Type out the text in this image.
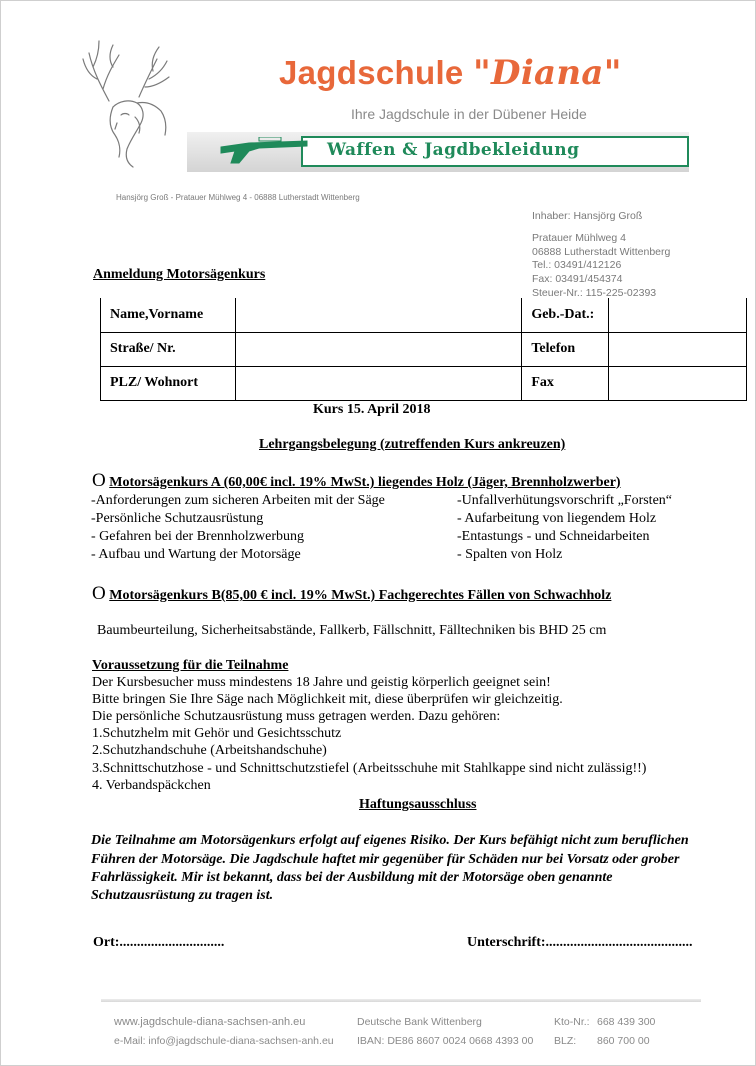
Jagdschule "Diana"
Ihre Jagdschule in der Dübener Heide
Waffen & Jagdbekleidung
Hansjörg Groß - Pratauer Mühlweg 4 - 06888 Lutherstadt Wittenberg
Inhaber: Hansjörg Groß
Pratauer Mühlweg 4
06888 Lutherstadt Wittenberg
Tel.: 03491/412126
Fax: 03491/454374
Steuer-Nr.: 115-225-02393
Anmeldung Motorsägenkurs
Name,Vorname		Geb.-Dat.:	
Straße/ Nr.		Telefon	
PLZ/ Wohnort		Fax	
Kurs 15. April 2018
Lehrgangsbelegung (zutreffenden Kurs ankreuzen)
O Motorsägenkurs A (60,00€ incl. 19% MwSt.) liegendes Holz (Jäger, Brennholzwerber)
-Anforderungen zum sicheren Arbeiten mit der Säge
-Persönliche Schutzausrüstung
- Gefahren bei der Brennholzwerbung
- Aufbau und Wartung der Motorsäge
-Unfallverhütungsvorschrift „Forsten“
- Aufarbeitung von liegendem Holz
-Entastungs - und Schneidarbeiten
- Spalten von Holz
O Motorsägenkurs B(85,00 € incl. 19% MwSt.) Fachgerechtes Fällen von Schwachholz
Baumbeurteilung, Sicherheitsabstände, Fallkerb, Fällschnitt, Fälltechniken bis BHD 25 cm
Voraussetzung für die Teilnahme
Der Kursbesucher muss mindestens 18 Jahre und geistig körperlich geeignet sein!
Bitte bringen Sie Ihre Säge nach Möglichkeit mit, diese überprüfen wir gleichzeitig.
Die persönliche Schutzausrüstung muss getragen werden. Dazu gehören:
1.Schutzhelm mit Gehör und Gesichtsschutz
2.Schutzhandschuhe (Arbeitshandschuhe)
3.Schnittschutzhose - und Schnittschutzstiefel (Arbeitsschuhe mit Stahlkappe sind nicht zulässig!!)
4. Verbandspäckchen
Haftungsausschluss
Die Teilnahme am Motorsägenkurs erfolgt auf eigenes Risiko. Der Kurs befähigt nicht zum beruflichen
Führen der Motorsäge. Die Jagdschule haftet mir gegenüber für Schäden nur bei Vorsatz oder grober
Fahrlässigkeit. Mir ist bekannt, dass bei der Ausbildung mit der Motorsäge oben genannte
Schutzausrüstung zu tragen ist.
Ort:..............................	Unterschrift:..........................................
www.jagdschule-diana-sachsen-anh.eu
e-Mail: info@jagdschule-diana-sachsen-anh.eu
Deutsche Bank Wittenberg
IBAN: DE86 8607 0024 0668 4393 00
Kto-Nr.: 668 439 300
BLZ: 860 700 00
